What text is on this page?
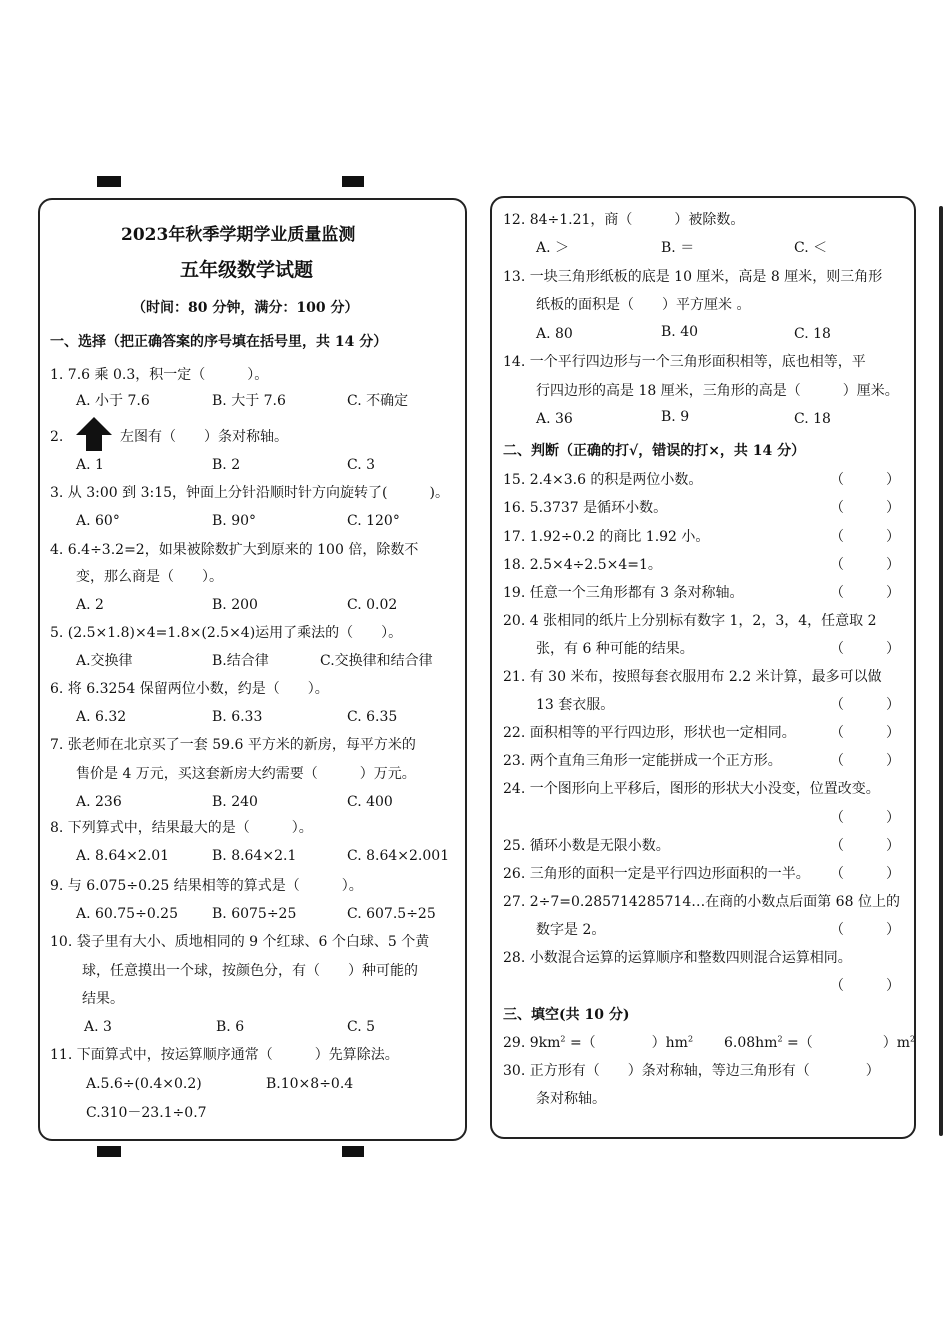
2023年秋季学期学业质量监测
五年级数学试题
（时间：80 分钟，满分：100 分）
一、选择（把正确答案的序号填在括号里，共 14 分）
1. 7.6 乘 0.3，积一定（　　　）。
A. 小于 7.6	B. 大于 7.6	C. 不确定
2.	左图有（　　）条对称轴。
A. 1	B. 2	C. 3
3. 从 3:00 到 3:15，钟面上分针沿顺时针方向旋转了(　　　)。
A. 60°	B. 90°	C. 120°
4. 6.4÷3.2=2，如果被除数扩大到原来的 100 倍，除数不
变，那么商是（　　）。
A. 2	B. 200	C. 0.02
5. (2.5×1.8)×4=1.8×(2.5×4)运用了乘法的（　　）。
A.交换律	B.结合律	C.交换律和结合律
6. 将 6.3254 保留两位小数，约是（　　）。
A. 6.32	B. 6.33	C. 6.35
7. 张老师在北京买了一套 59.6 平方米的新房，每平方米的
售价是 4 万元，买这套新房大约需要（　　　）万元。
A. 236	B. 240	C. 400
8. 下列算式中，结果最大的是（　　　）。
A. 8.64×2.01	B. 8.64×2.1	C. 8.64×2.001
9. 与 6.075÷0.25 结果相等的算式是（　　　）。
A. 60.75÷0.25 B. 6075÷25	C. 607.5÷25
10. 袋子里有大小、质地相同的 9 个红球、6 个白球、5 个黄
球，任意摸出一个球，按颜色分，有（　　）种可能的
结果。
A. 3	B. 6	C. 5
11. 下面算式中，按运算顺序通常（　　　）先算除法。
A.5.6÷(0.4×0.2)	B.10×8÷0.4
C.310－23.1÷0.7
12. 84÷1.21，商（　　　）被除数。
A. ＞	B. ＝	C. ＜
13. 一块三角形纸板的底是 10 厘米，高是 8 厘米，则三角形
纸板的面积是（　　）平方厘米 。
A. 80	B. 40	C. 18
14. 一个平行四边形与一个三角形面积相等，底也相等，平
行四边形的高是 18 厘米，三角形的高是（　　　）厘米。
A. 36	B. 9	C. 18
二、判断（正确的打√，错误的打×，共 14 分）
15. 2.4×3.6 的积是两位小数。	（　　　）
16. 5.3737 是循环小数。	（　　　）
17. 1.92÷0.2 的商比 1.92 小。	（　　　）
18. 2.5×4÷2.5×4=1。	（　　　）
19. 任意一个三角形都有 3 条对称轴。	（　　　）
20. 4 张相同的纸片上分别标有数字 1，2，3，4，任意取 2
张，有 6 种可能的结果。	（　　　）
21. 有 30 米布，按照每套衣服用布 2.2 米计算，最多可以做
13 套衣服。	（　　　）
22. 面积相等的平行四边形，形状也一定相同。 （　　　）
23. 两个直角三角形一定能拼成一个正方形。	（　　　）
24. 一个图形向上平移后，图形的形状大小没变，位置改变。
（　　　）
25. 循环小数是无限小数。	（　　　）
26. 三角形的面积一定是平行四边形面积的一半。 （　　　）
27. 2÷7=0.285714285714…在商的小数点后面第 68 位上的
数字是 2。	（　　　）
28. 小数混合运算的运算顺序和整数四则混合运算相同。
（　　　）
三、填空(共 10 分)
29. $9km^2$ =（　　　　）$hm^2$ $6.08hm^2$ =（　　　　　）$m^2$
30. 正方形有（　　）条对称轴，等边三角形有（　　　　）
条对称轴。
